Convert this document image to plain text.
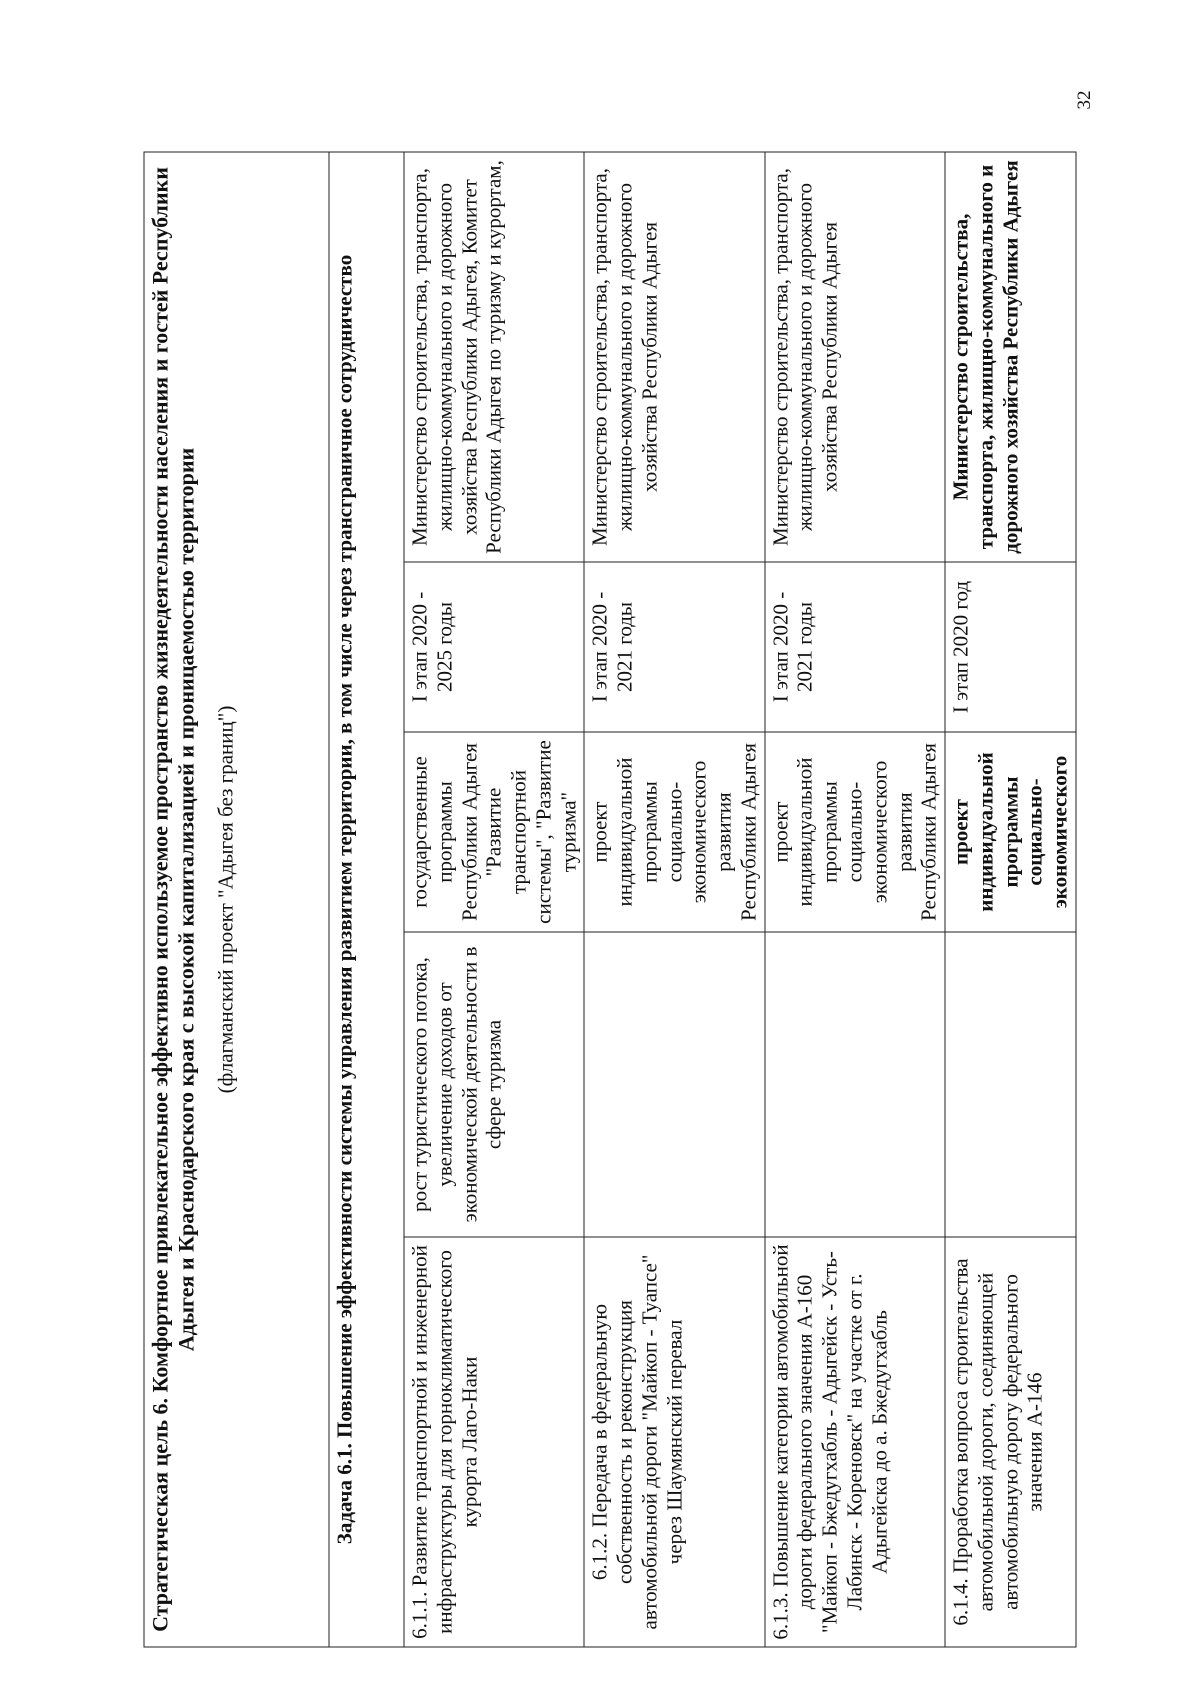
32
Стратегическая цель 6. Комфортное привлекательное эффективно используемое пространство жизнедеятельности населения и гостей Республики Адыгея и Краснодарского края с высокой капитализацией и проницаемостью территории (флагманский проект "Адыгея без границ")				

Задача 6.1. Повышение эффективности системы управления развитием территории, в том числе через трансграничное сотрудничество				
6.1.1. Развитие транспортной и инженерной инфраструктуры для горноклиматического курорта Лаго-Наки	рост туристического потока, увеличение доходов от экономической деятельности в сфере туризма	государственные программы Республики Адыгея "Развитие транспортной системы", "Развитие туризма"	I этап 2020 - 2025 годы	Министерство строительства, транспорта, жилищно-коммунального и дорожного хозяйства Республики Адыгея, Комитет Республики Адыгея по туризму и курортам,
6.1.2. Передача в федеральную собственность и реконструкция автомобильной дороги "Майкоп - Туапсе" через Шаумянский перевал		проект индивидуальной программы социально-экономического развития Республики Адыгея	I этап 2020 - 2021 годы	Министерство строительства, транспорта, жилищно-коммунального и дорожного хозяйства Республики Адыгея
6.1.3. Повышение категории автомобильной дороги федерального значения А-160 "Майкоп - Бжедугхабль - Адыгейск - Усть-Лабинск - Кореновск" на участке от г. Адыгейска до а. Бжедугхабль		проект индивидуальной программы социально-экономического развития Республики Адыгея	I этап 2020 - 2021 годы	Министерство строительства, транспорта, жилищно-коммунального и дорожного хозяйства Республики Адыгея
6.1.4. Проработка вопроса строительства автомобильной дороги, соединяющей автомобильную дорогу федерального значения А-146		проект индивидуальной программы социально-экономического	I этап 2020 год	Министерство строительства, транспорта, жилищно-коммунального и дорожного хозяйства Республики Адыгея
